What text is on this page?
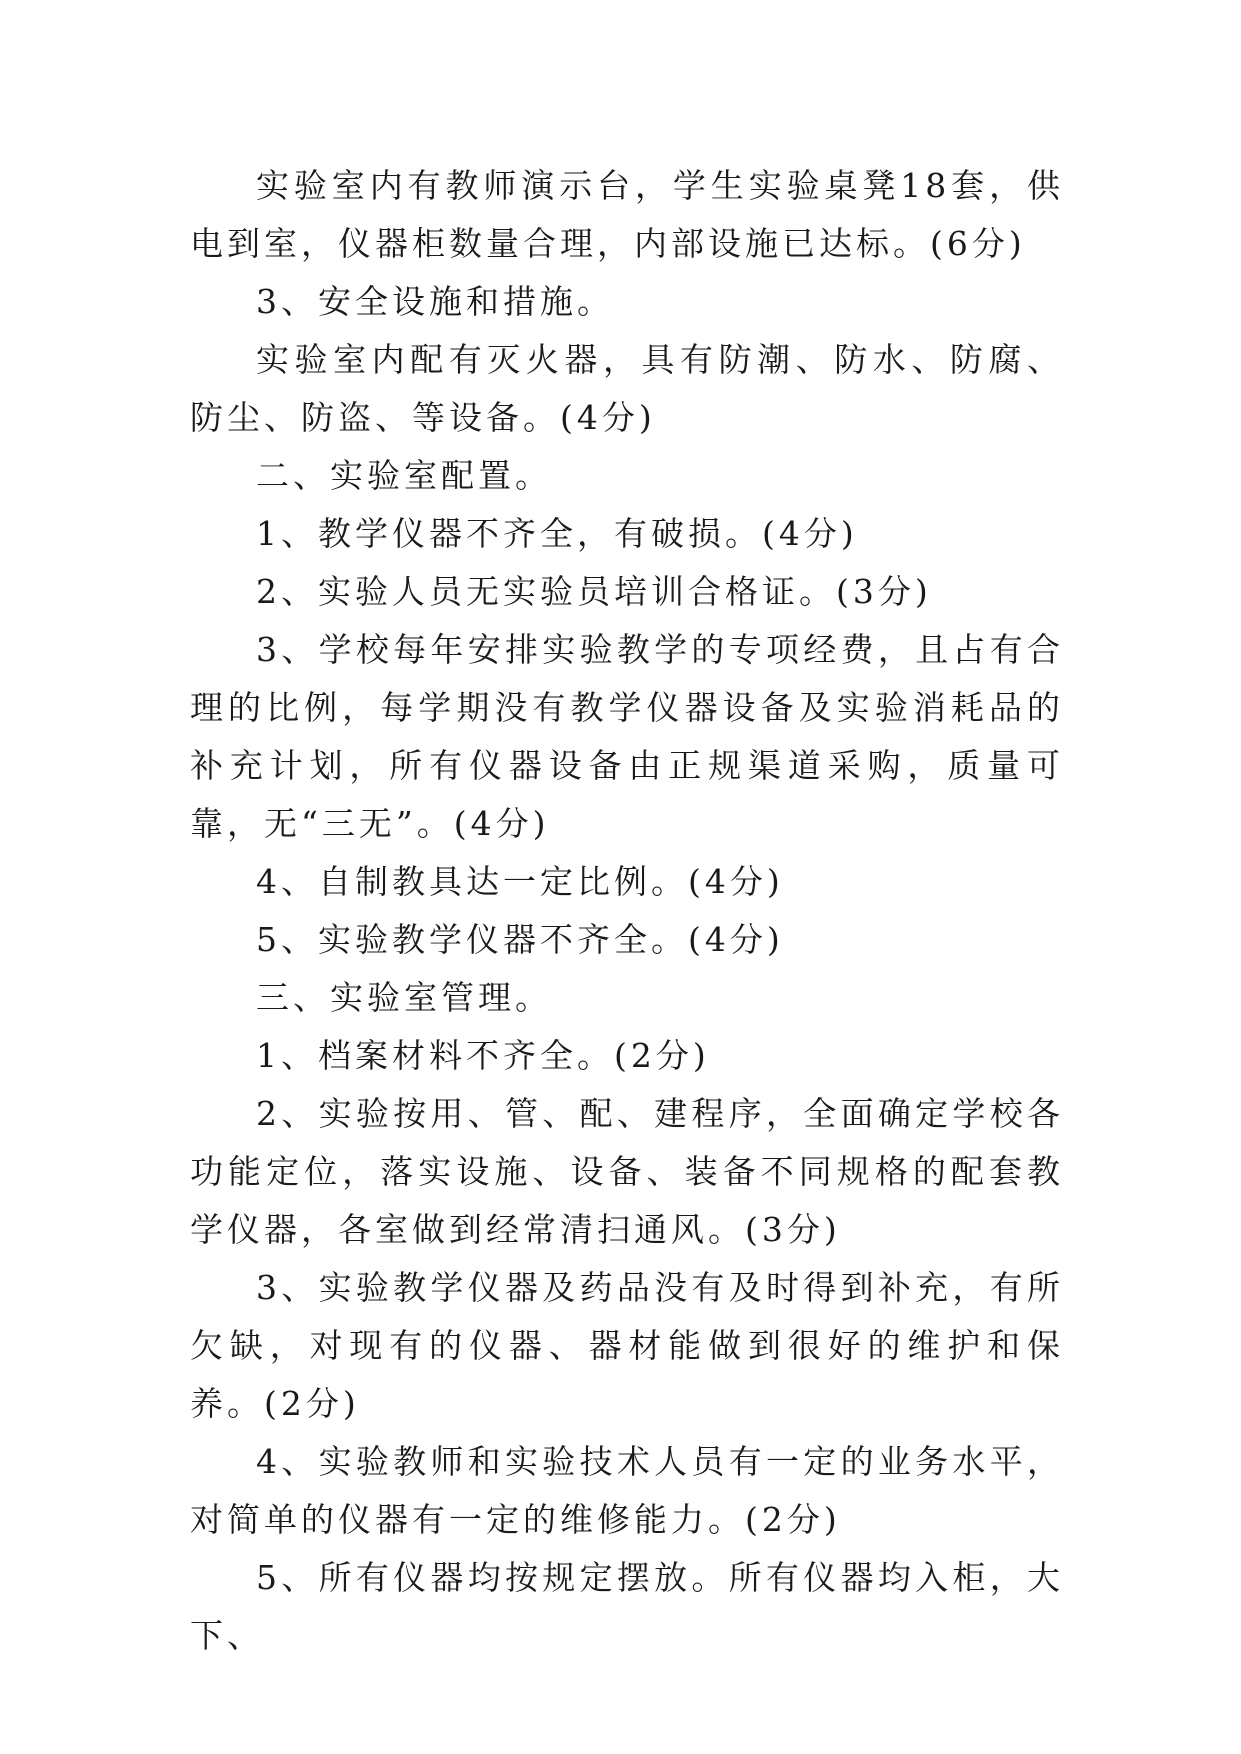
实验室内有教师演示台，学生实验桌凳18套，供电到室，仪器柜数量合理，内部设施已达标。(6分)

3、安全设施和措施。

实验室内配有灭火器，具有防潮、防水、防腐、防尘、防盗、等设备。(4分)

二、实验室配置。

1、教学仪器不齐全，有破损。(4分)

2、实验人员无实验员培训合格证。(3分)

3、学校每年安排实验教学的专项经费，且占有合理的比例，每学期没有教学仪器设备及实验消耗品的补充计划，所有仪器设备由正规渠道采购，质量可靠，无“三无”。(4分)

4、自制教具达一定比例。(4分)

5、实验教学仪器不齐全。(4分)

三、实验室管理。

1、档案材料不齐全。(2分)

2、实验按用、管、配、建程序，全面确定学校各功能定位，落实设施、设备、装备不同规格的配套教学仪器，各室做到经常清扫通风。(3分)

3、实验教学仪器及药品没有及时得到补充，有所欠缺，对现有的仪器、器材能做到很好的维护和保养。(2分)

4、实验教师和实验技术人员有一定的业务水平，对简单的仪器有一定的维修能力。(2分)

5、所有仪器均按规定摆放。所有仪器均入柜，大下、
